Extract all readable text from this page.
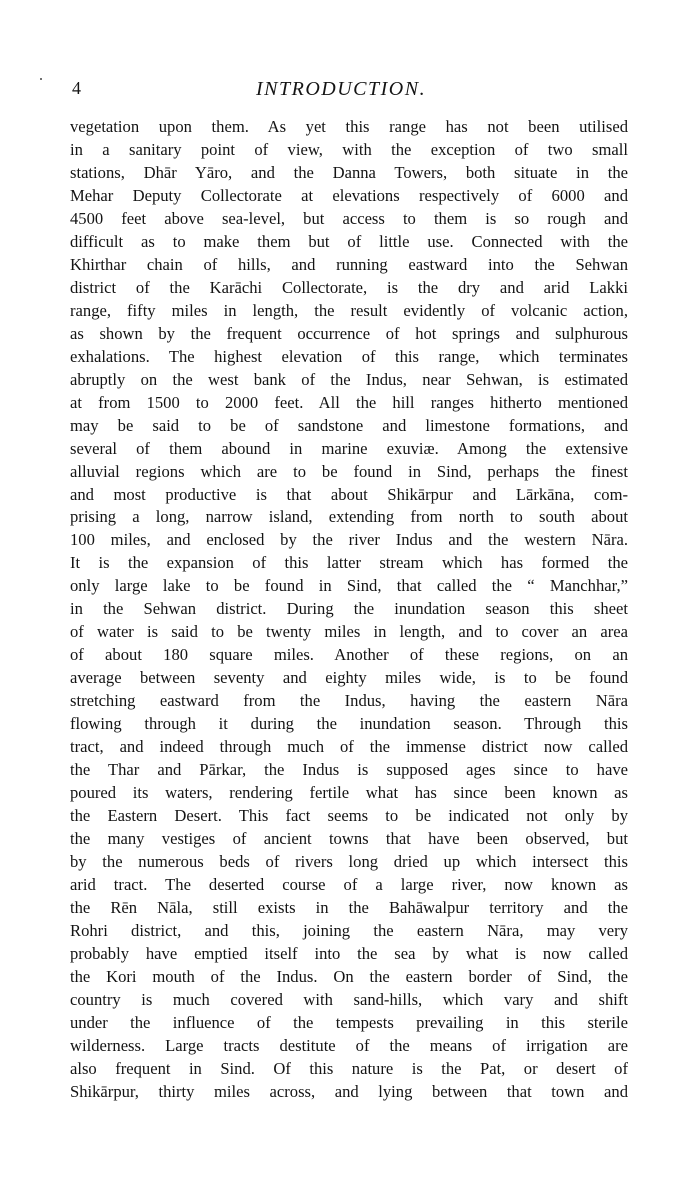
4	INTRODUCTION.
vegetation upon them. As yet this range has not been utilised
in a sanitary point of view, with the exception of two small
stations, Dhār Yāro, and the Danna Towers, both situate in the
Mehar Deputy Collectorate at elevations respectively of 6000 and
4500 feet above sea-level, but access to them is so rough and
difficult as to make them but of little use. Connected with the
Khirthar chain of hills, and running eastward into the Sehwan
district of the Karāchi Collectorate, is the dry and arid Lakki
range, fifty miles in length, the result evidently of volcanic action,
as shown by the frequent occurrence of hot springs and sulphurous
exhalations. The highest elevation of this range, which terminates
abruptly on the west bank of the Indus, near Sehwan, is estimated
at from 1500 to 2000 feet. All the hill ranges hitherto mentioned
may be said to be of sandstone and limestone formations, and
several of them abound in marine exuviæ. Among the extensive
alluvial regions which are to be found in Sind, perhaps the finest
and most productive is that about Shikārpur and Lārkāna, com-
prising a long, narrow island, extending from north to south about
100 miles, and enclosed by the river Indus and the western Nāra.
It is the expansion of this latter stream which has formed the
only large lake to be found in Sind, that called the “ Manchhar,”
in the Sehwan district. During the inundation season this sheet
of water is said to be twenty miles in length, and to cover an area
of about 180 square miles. Another of these regions, on an
average between seventy and eighty miles wide, is to be found
stretching eastward from the Indus, having the eastern Nāra
flowing through it during the inundation season. Through this
tract, and indeed through much of the immense district now called
the Thar and Pārkar, the Indus is supposed ages since to have
poured its waters, rendering fertile what has since been known as
the Eastern Desert. This fact seems to be indicated not only by
the many vestiges of ancient towns that have been observed, but
by the numerous beds of rivers long dried up which intersect this
arid tract. The deserted course of a large river, now known as
the Rēn Nāla, still exists in the Bahāwalpur territory and the
Rohri district, and this, joining the eastern Nāra, may very
probably have emptied itself into the sea by what is now called
the Kori mouth of the Indus. On the eastern border of Sind, the
country is much covered with sand-hills, which vary and shift
under the influence of the tempests prevailing in this sterile
wilderness. Large tracts destitute of the means of irrigation are
also frequent in Sind. Of this nature is the Pat, or desert of
Shikārpur, thirty miles across, and lying between that town and
